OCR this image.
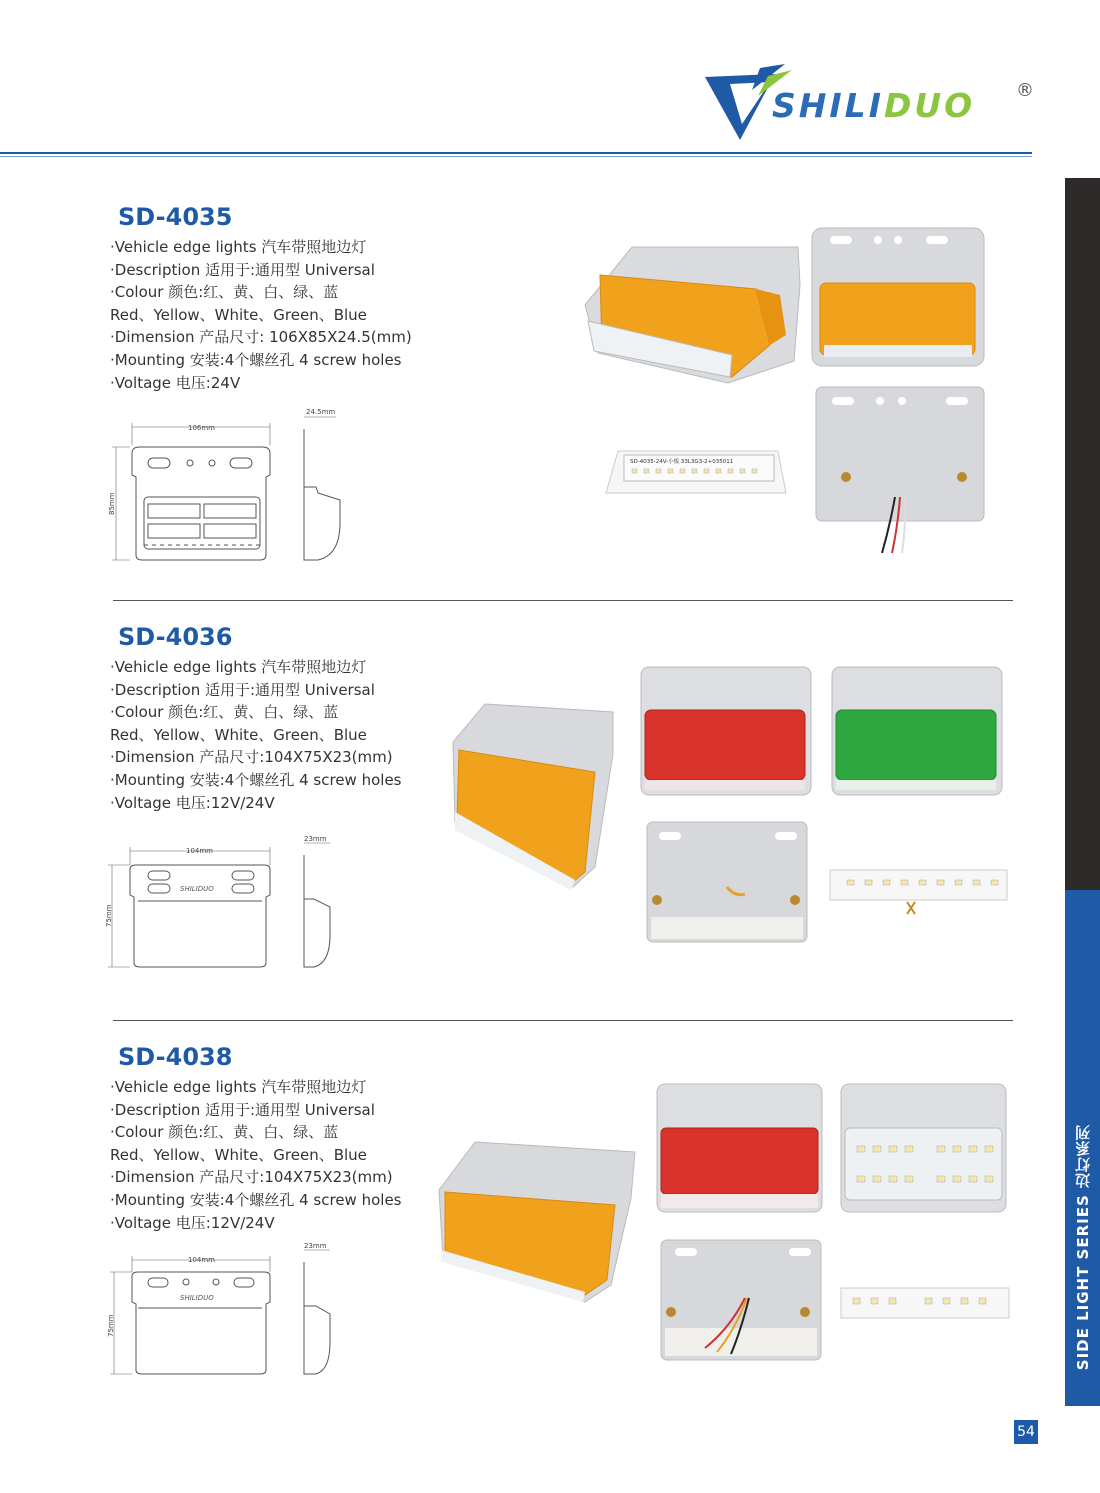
SHILIDUO ®
SIDE LIGHT SERIES 边灯系列
54
SD-4035
·Vehicle edge lights 汽车带照地边灯
·Description 适用于:通用型 Universal
·Colour 颜色:红、黄、白、绿、蓝
Red、Yellow、White、Green、Blue
·Dimension 产品尺寸: 106X85X24.5(mm)
·Mounting 安装:4个螺丝孔 4 screw holes
·Voltage 电压:24V
106mm
85mm
24.5mm
SD-4035-24V-小板 33L3G3-2+035011
SD-4036
·Vehicle edge lights 汽车带照地边灯
·Description 适用于:通用型 Universal
·Colour 颜色:红、黄、白、绿、蓝
Red、Yellow、White、Green、Blue
·Dimension 产品尺寸:104X75X23(mm)
·Mounting 安装:4个螺丝孔 4 screw holes
·Voltage 电压:12V/24V
SHILIDUO
104mm
75mm
23mm
SD-4038
·Vehicle edge lights 汽车带照地边灯
·Description 适用于:通用型 Universal
·Colour 颜色:红、黄、白、绿、蓝
Red、Yellow、White、Green、Blue
·Dimension 产品尺寸:104X75X23(mm)
·Mounting 安装:4个螺丝孔 4 screw holes
·Voltage 电压:12V/24V
SHILIDUO
104mm
75mm
23mm
